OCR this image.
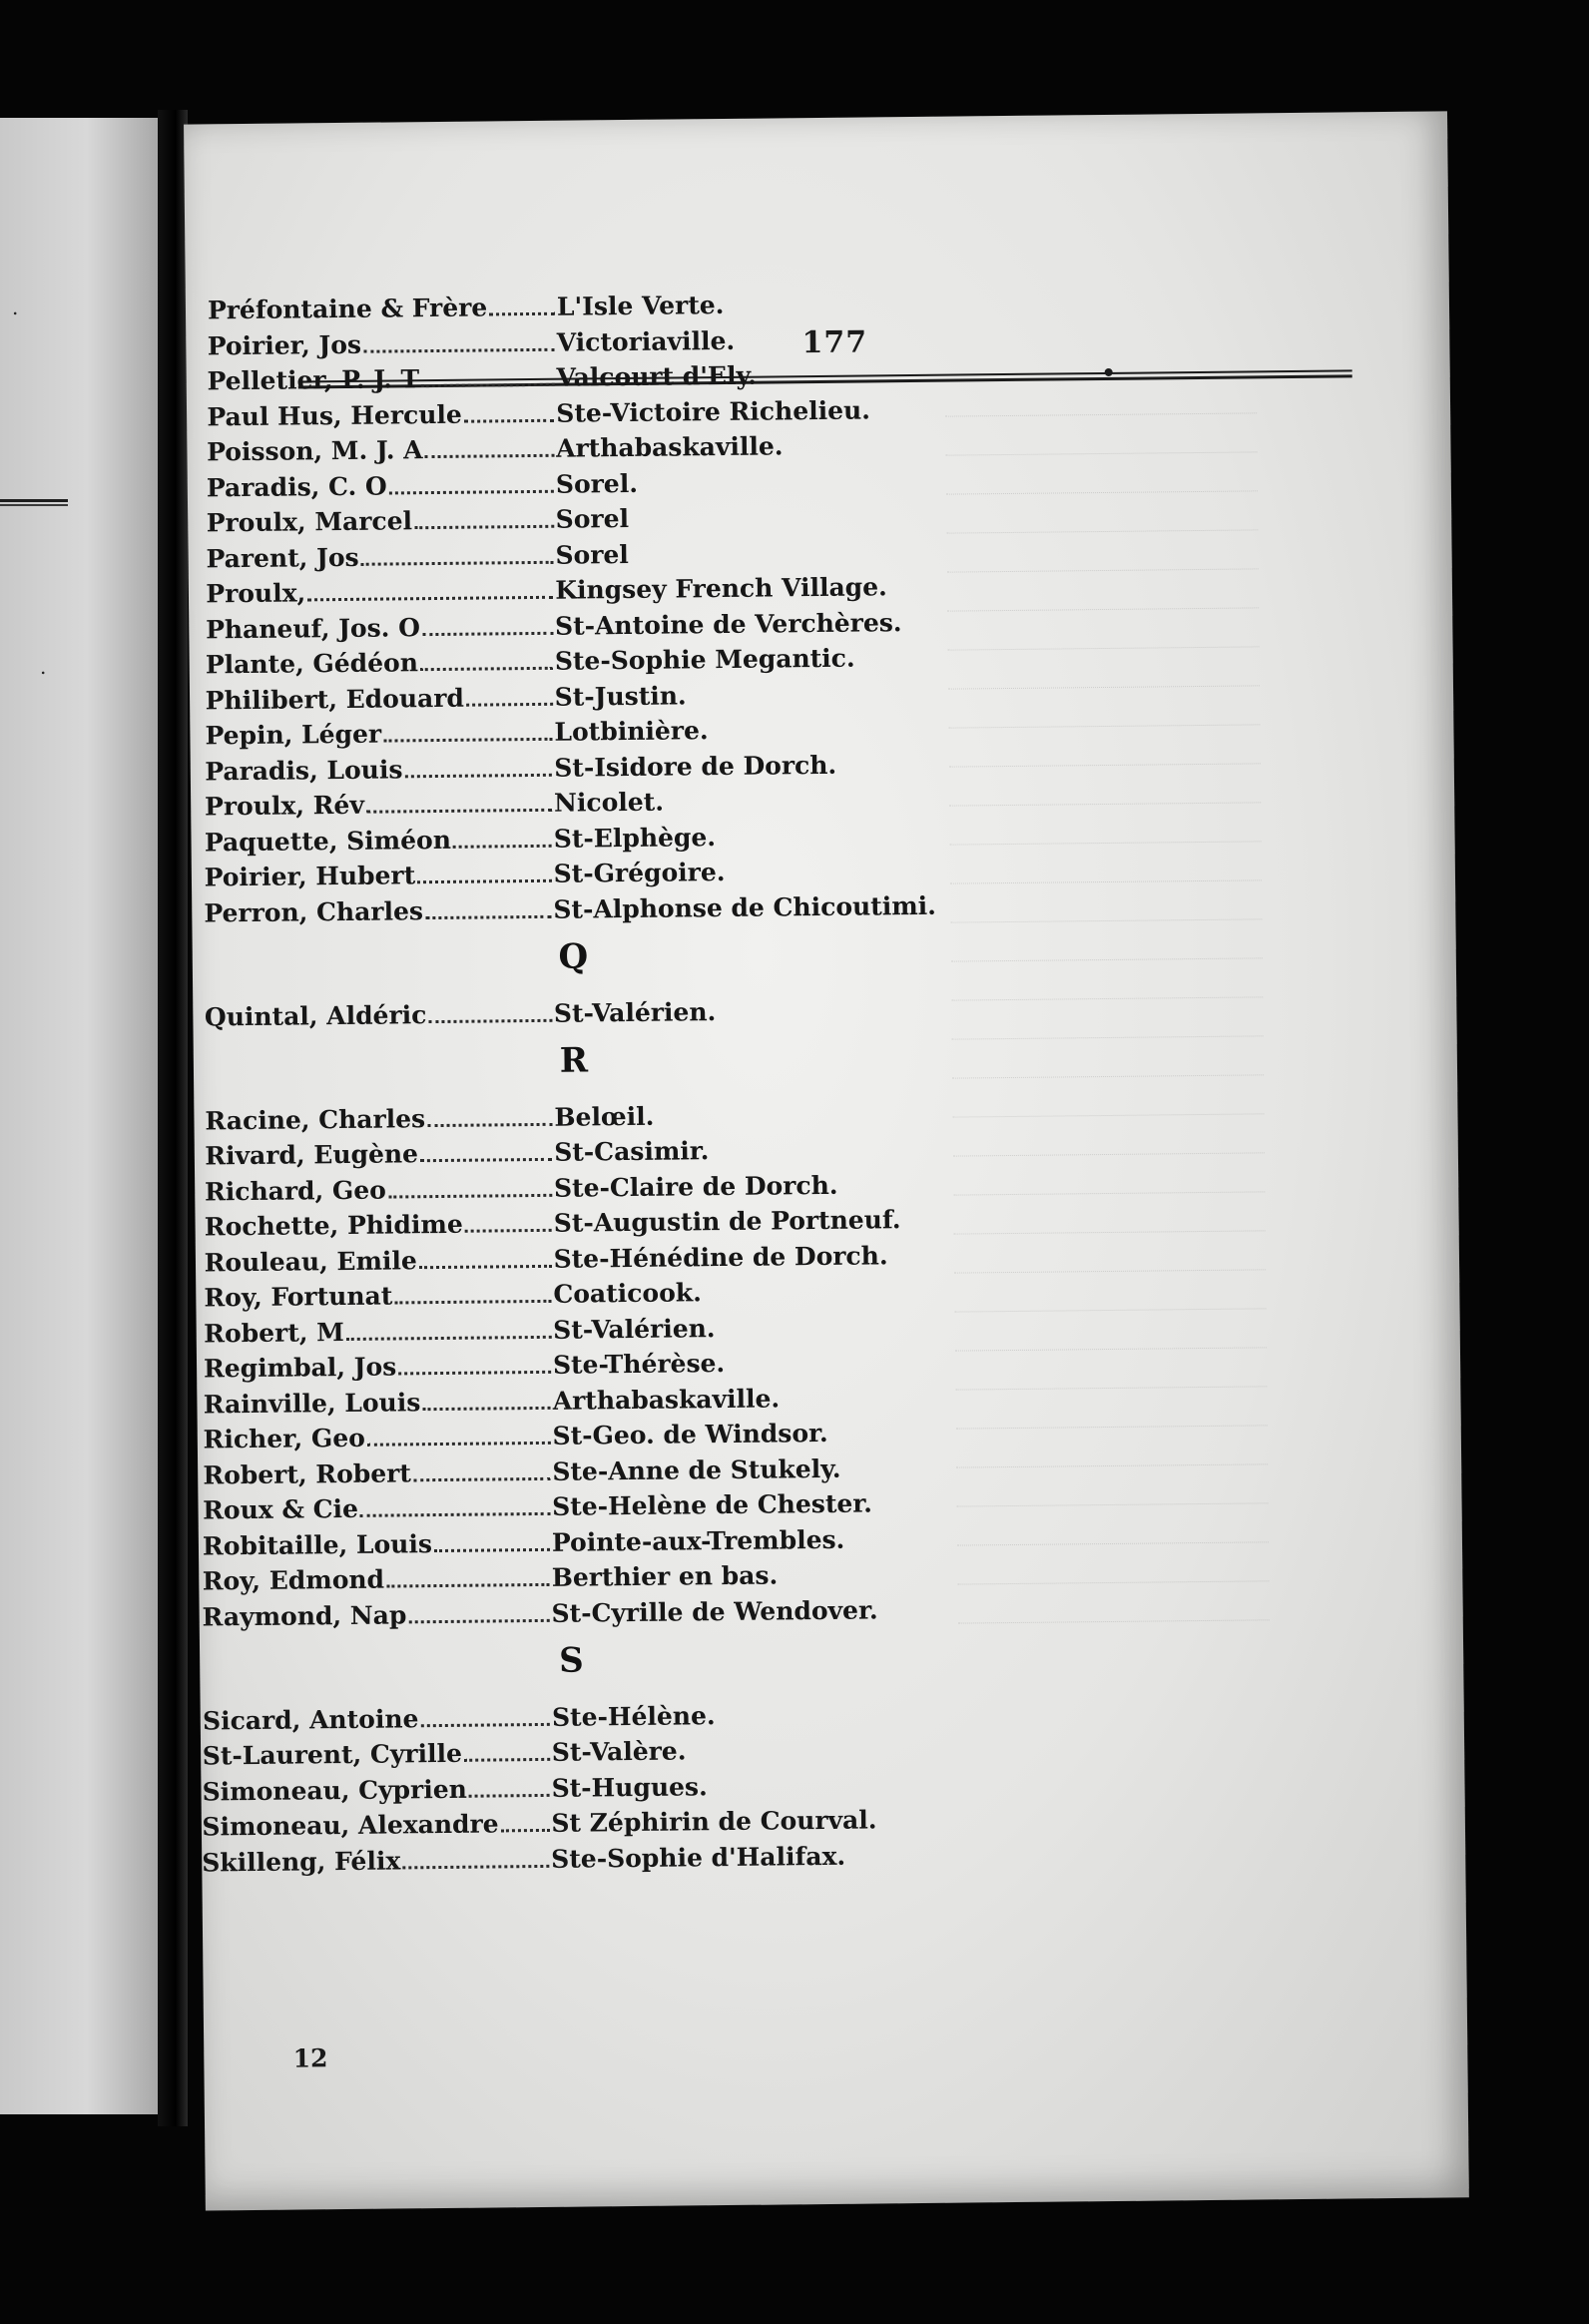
.
.
177
Préfontaine & Frère	L'Isle Verte.
Poirier, Jos	Victoriaville.
Pelletier, P. J. T	Valcourt d'Ely.
Paul Hus, Hercule	Ste-Victoire Richelieu.
Poisson, M. J. A	Arthabaskaville.
Paradis, C. O	Sorel.
Proulx, Marcel	Sorel
Parent, Jos	Sorel
Proulx,	Kingsey French Village.
Phaneuf, Jos. O	St-Antoine de Verchères.
Plante, Gédéon	Ste-Sophie Megantic.
Philibert, Edouard	St-Justin.
Pepin, Léger	Lotbinière.
Paradis, Louis	St-Isidore de Dorch.
Proulx, Rév	Nicolet.
Paquette, Siméon	St-Elphège.
Poirier, Hubert	St-Grégoire.
Perron, Charles	St-Alphonse de Chicoutimi.
Q
Quintal, Aldéric	St-Valérien.
R
Racine, Charles	Belœil.
Rivard, Eugène	St-Casimir.
Richard, Geo	Ste-Claire de Dorch.
Rochette, Phidime	St-Augustin de Portneuf.
Rouleau, Emile	Ste-Hénédine de Dorch.
Roy, Fortunat	Coaticook.
Robert, M	St-Valérien.
Regimbal, Jos	Ste-Thérèse.
Rainville, Louis	Arthabaskaville.
Richer, Geo	St-Geo. de Windsor.
Robert, Robert	Ste-Anne de Stukely.
Roux & Cie	Ste-Helène de Chester.
Robitaille, Louis	Pointe-aux-Trembles.
Roy, Edmond	Berthier en bas.
Raymond, Nap	St-Cyrille de Wendover.
S
Sicard, Antoine	Ste-Hélène.
St-Laurent, Cyrille	St-Valère.
Simoneau, Cyprien	St-Hugues.
Simoneau, Alexandre St Zéphirin de Courval.
Skilleng, Félix	Ste-Sophie d'Halifax.
12
